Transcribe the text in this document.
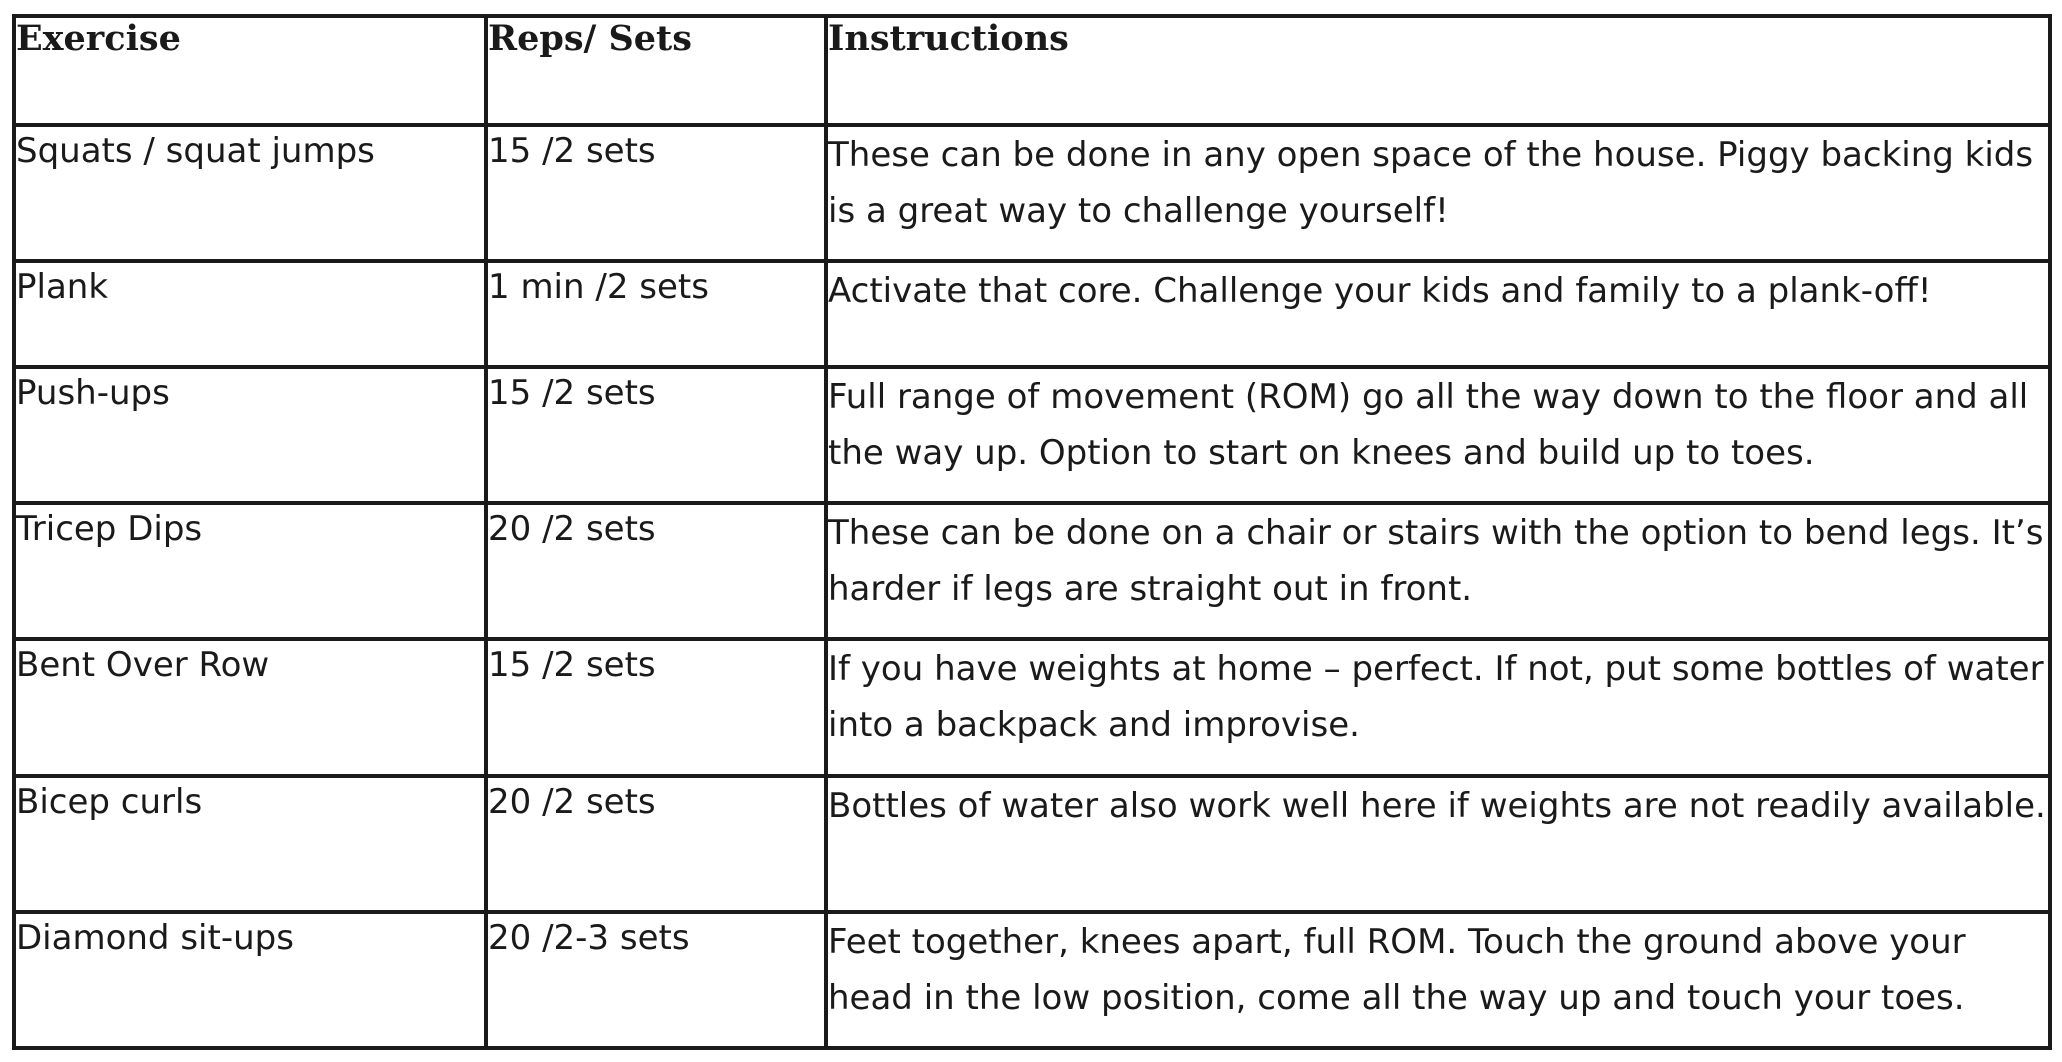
Exercise	Reps/ Sets	Instructions
Squats / squat jumps	15 /2 sets	These can be done in any open space of the house. Piggy backing kids is a great way to challenge yourself!
Plank	1 min /2 sets	Activate that core. Challenge your kids and family to a plank-off!
Push-ups	15 /2 sets	Full range of movement (ROM) go all the way down to the floor and all the way up. Option to start on knees and build up to toes.
Tricep Dips	20 /2 sets	These can be done on a chair or stairs with the option to bend legs. It’s harder if legs are straight out in front.
Bent Over Row	15 /2 sets	If you have weights at home – perfect. If not, put some bottles of water into a backpack and improvise.
Bicep curls	20 /2 sets	Bottles of water also work well here if weights are not readily available.
Diamond sit-ups	20 /2-3 sets	Feet together, knees apart, full ROM. Touch the ground above your head in the low position, come all the way up and touch your toes.
